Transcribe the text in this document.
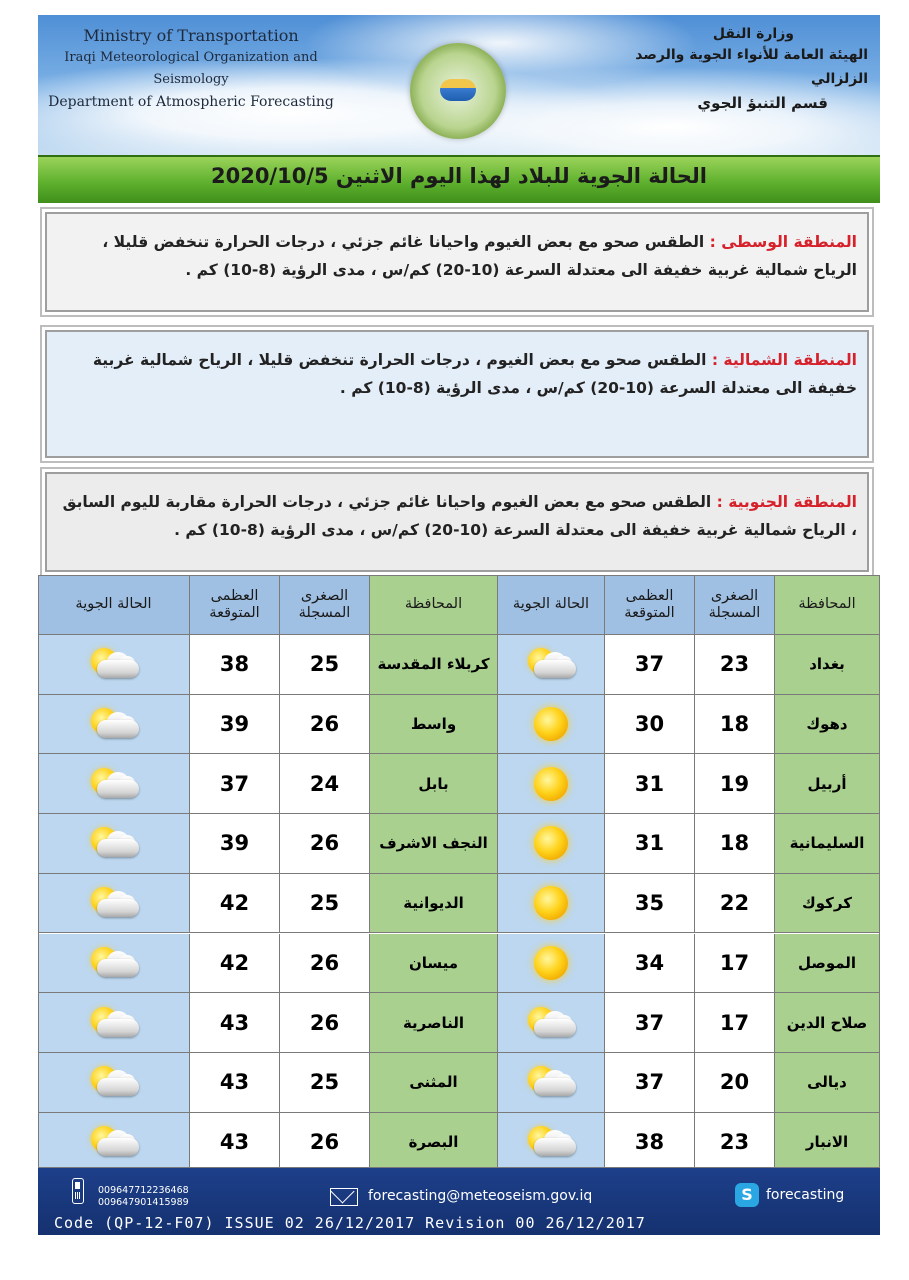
Ministry of Transportation
Iraqi Meteorological Organization and Seismology
Department of Atmospheric Forecasting
وزارة النقل
الهيئة العامة للأنواء الجوية والرصد الزلزالي
قسم التنبؤ الجوي
الحالة الجوية للبلاد لهذا اليوم الاثنين 2020/10/5
المنطقة الوسطى : الطقس صحو مع بعض الغيوم واحيانا غائم جزئي ، درجات الحرارة تنخفض قليلا ، الرياح شمالية غربية خفيفة الى معتدلة السرعة (10-20) كم/س ، مدى الرؤية (8-10) كم .
المنطقة الشمالية : الطقس صحو مع بعض الغيوم ، درجات الحرارة تنخفض قليلا ، الرياح شمالية غربية خفيفة الى معتدلة السرعة (10-20) كم/س ، مدى الرؤية (8-10) كم .
المنطقة الجنوبية : الطقس صحو مع بعض الغيوم واحيانا غائم جزئي ، درجات الحرارة مقاربة لليوم السابق ، الرياح شمالية غربية خفيفة الى معتدلة السرعة (10-20) كم/س ، مدى الرؤية (8-10) كم .
الحالة الجوية
العظمى المتوقعة
38
39
37
39
42
42
43
43
43
الصغرى المسجلة
25
26
24
26
25
26
26
25
26
المحافظة
كربلاء المقدسة
واسط
بابل
النجف الاشرف
الديوانية
ميسان
الناصرية
المثنى
البصرة
الحالة الجوية
العظمى المتوقعة
37
30
31
31
35
34
37
37
38
الصغرى المسجلة
23
18
19
18
22
17
17
20
23
المحافظة
بغداد
دهوك
أربيل
السليمانية
كركوك
الموصل
صلاح الدين
ديالى
الانبار
009647712236468
009647901415989	forecasting@meteoseism.gov.iq	S forecasting
Code (QP-12-F07) ISSUE 02 26/12/2017 Revision 00 26/12/2017
